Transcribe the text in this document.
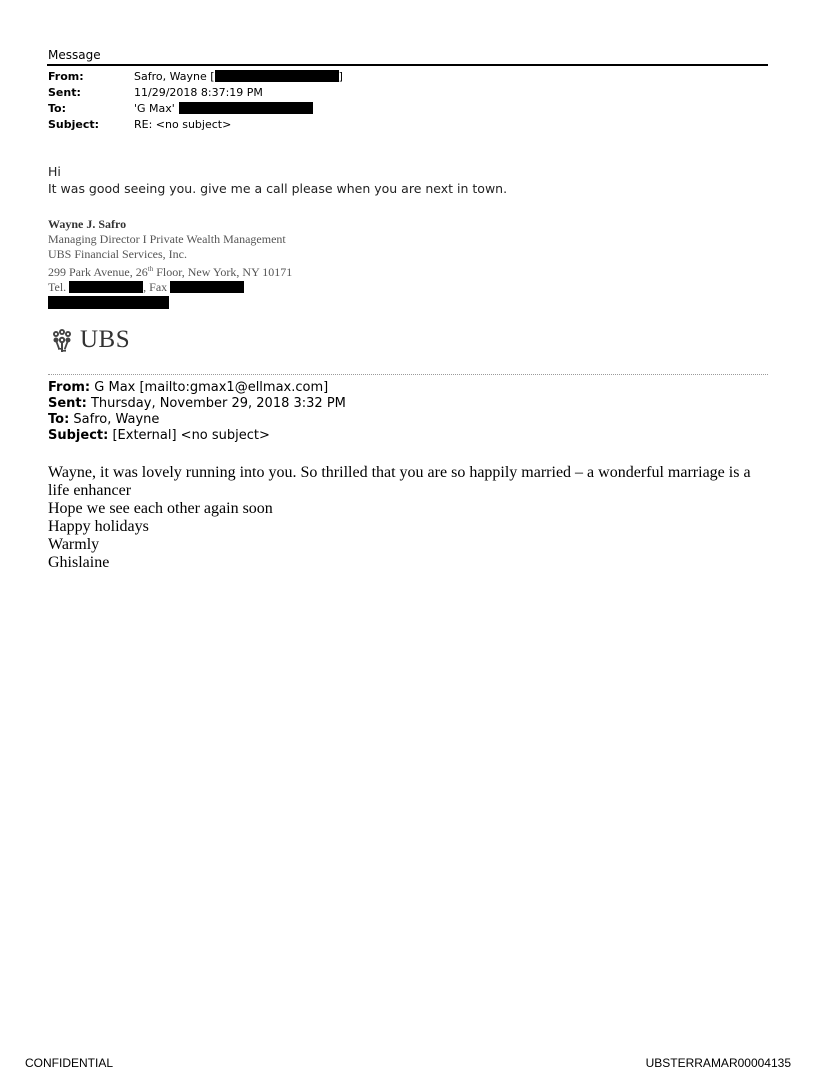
Message
From:	Safro, Wayne [	]
Sent:	11/29/2018 8:37:19 PM
To:	'G Max'
Subject:	RE: <no subject>
Hi
It was good seeing you. give me a call please when you are next in town.
Wayne J. Safro
Managing Director I Private Wealth Management
UBS Financial Services, Inc.
299 Park Avenue, 26th Floor, New York, NY 10171
Tel.	, Fax
UBS
From: G Max [mailto:gmax1@ellmax.com]
Sent: Thursday, November 29, 2018 3:32 PM
To: Safro, Wayne
Subject: [External] <no subject>
Wayne, it was lovely running into you. So thrilled that you are so happily married – a wonderful marriage is a life enhancer
Hope we see each other again soon
Happy holidays
Warmly
Ghislaine
CONFIDENTIAL	UBSTERRAMAR00004135
